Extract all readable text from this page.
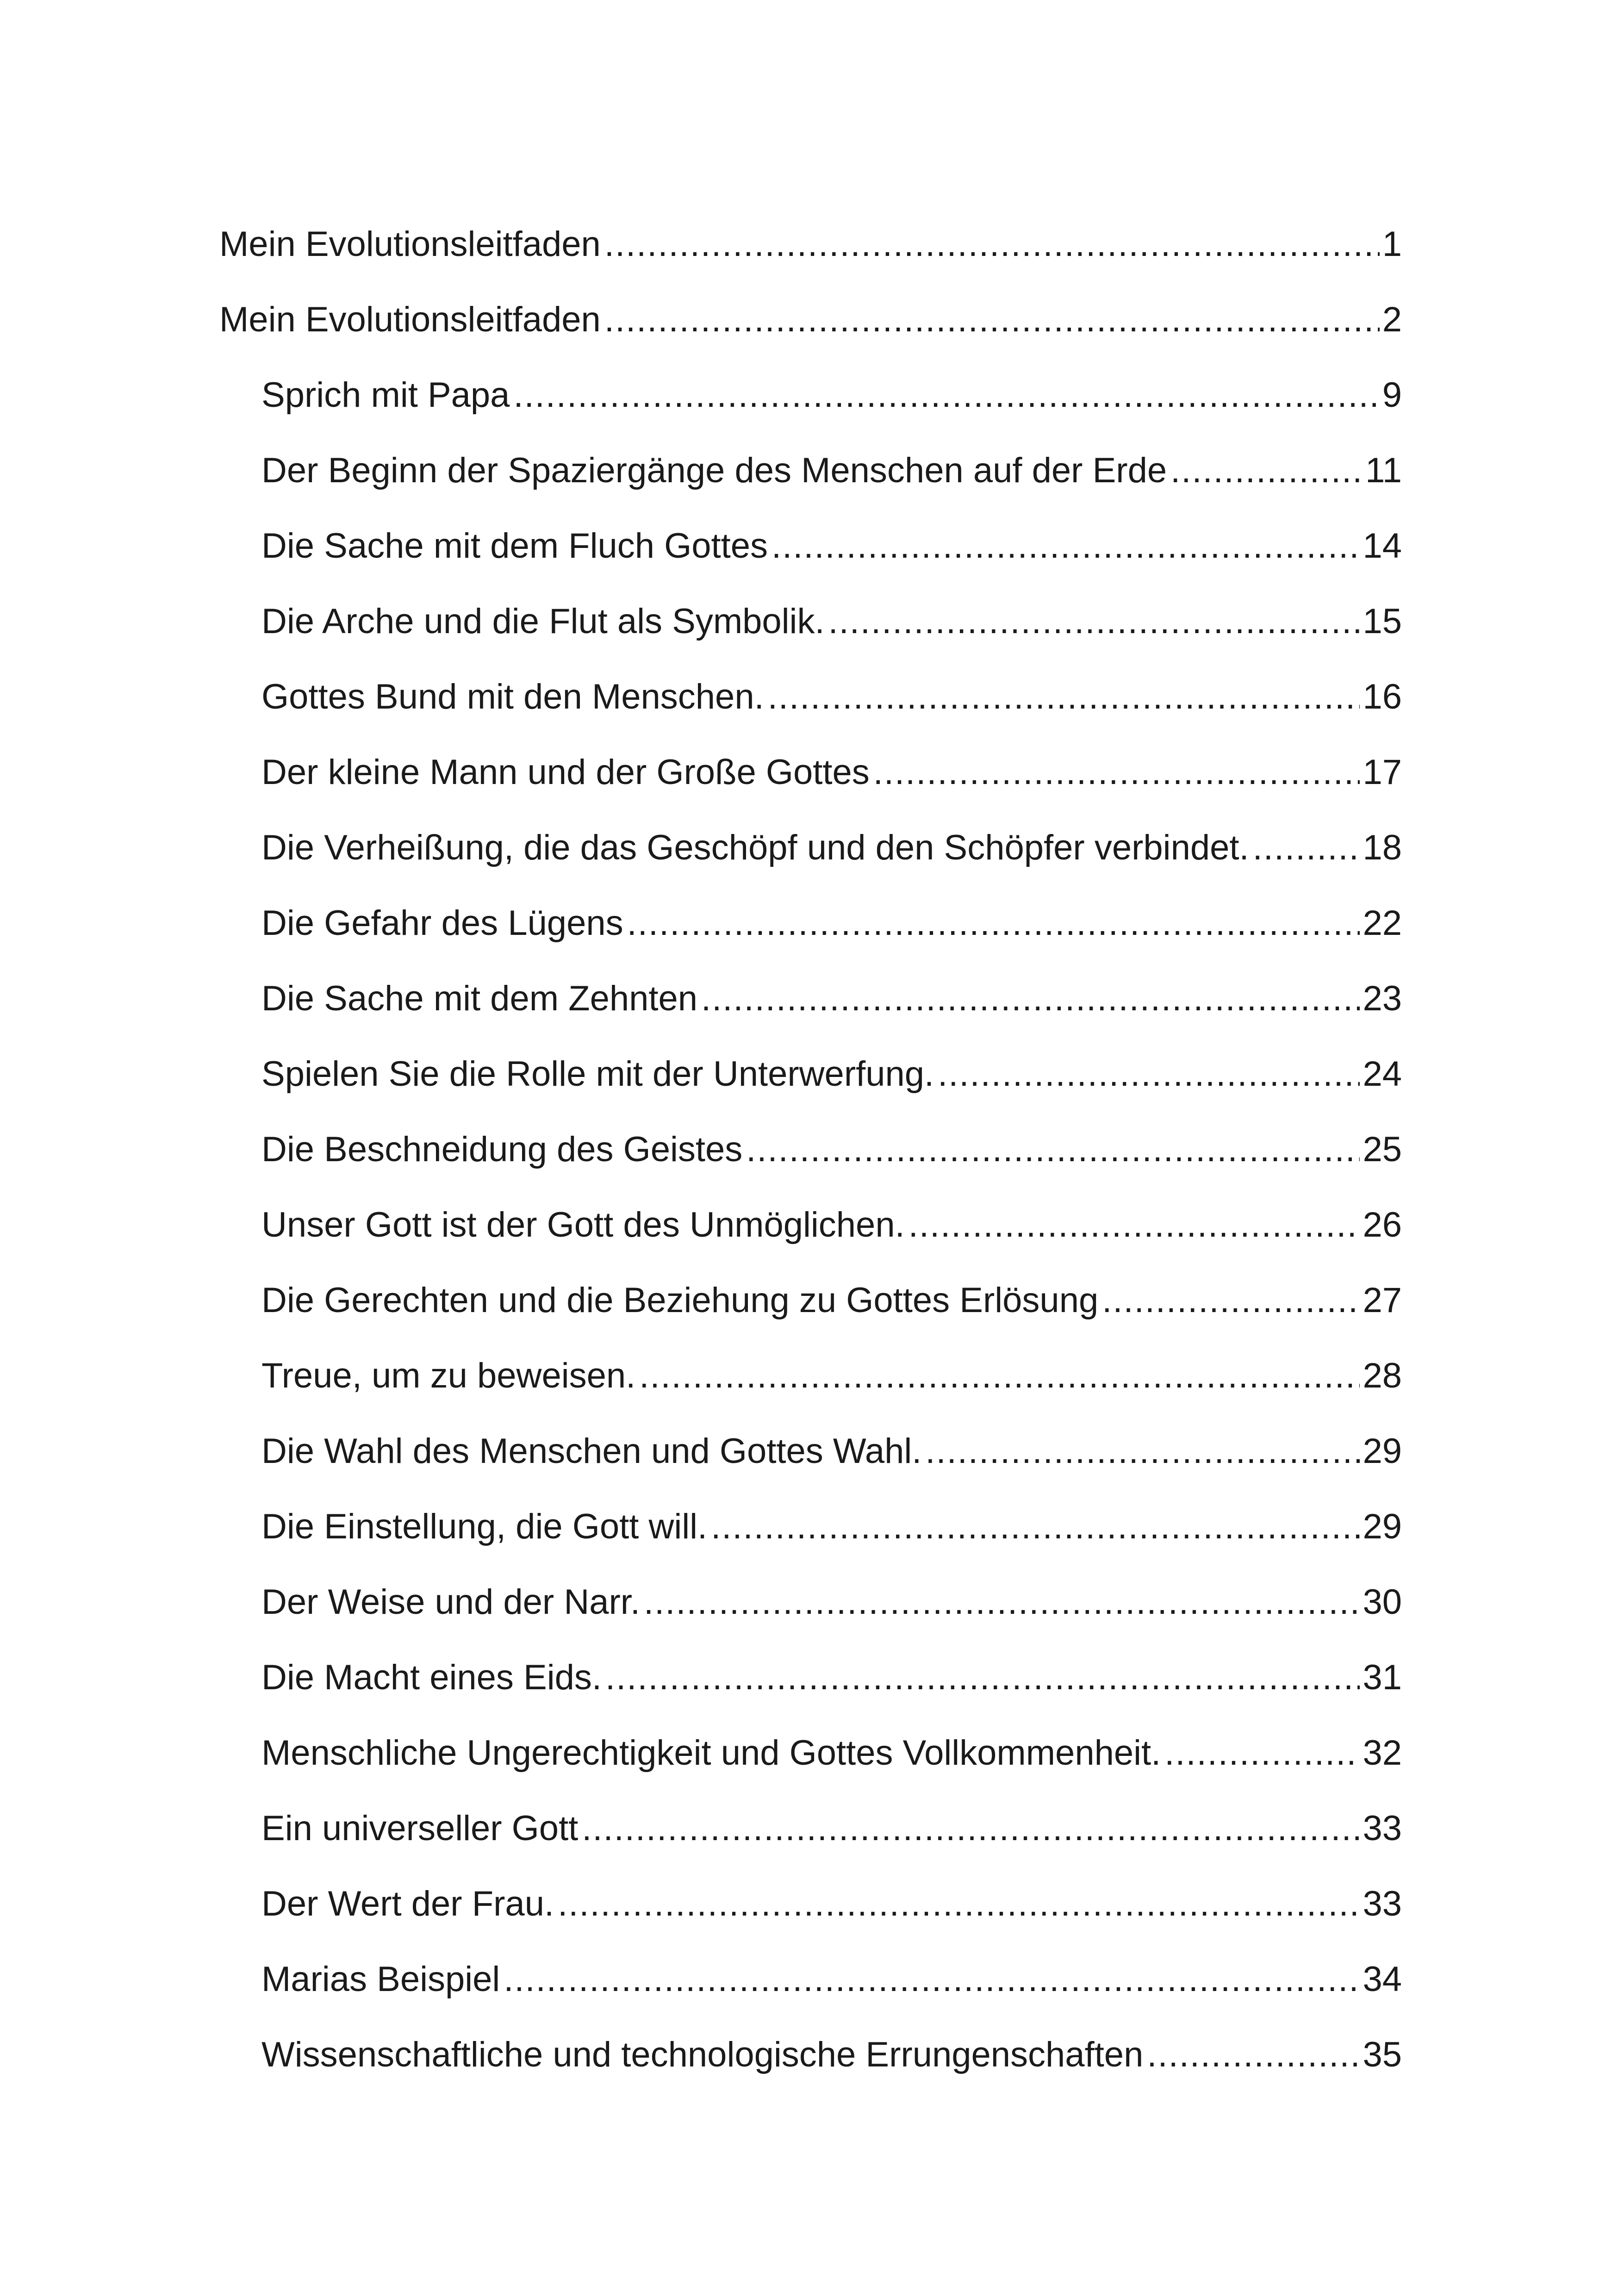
Mein Evolutionsleitfaden .....	1
Mein Evolutionsleitfaden .....	2
Sprich mit Papa .....	9
Der Beginn der Spaziergänge des Menschen auf der Erde .....	11
Die Sache mit dem Fluch Gottes .....	14
Die Arche und die Flut als Symbolik. .....	15
Gottes Bund mit den Menschen. .....	16
Der kleine Mann und der Große Gottes .....	17
Die Verheißung, die das Geschöpf und den Schöpfer verbindet. .....	18
Die Gefahr des Lügens .....	22
Die Sache mit dem Zehnten .....	23
Spielen Sie die Rolle mit der Unterwerfung. .....	24
Die Beschneidung des Geistes .....	25
Unser Gott ist der Gott des Unmöglichen. .....	26
Die Gerechten und die Beziehung zu Gottes Erlösung .....	27
Treue, um zu beweisen. .....	28
Die Wahl des Menschen und Gottes Wahl. .....	29
Die Einstellung, die Gott will. .....	29
Der Weise und der Narr. .....	30
Die Macht eines Eids. .....	31
Menschliche Ungerechtigkeit und Gottes Vollkommenheit. .....	32
Ein universeller Gott .....	33
Der Wert der Frau. .....	33
Marias Beispiel .....	34
Wissenschaftliche und technologische Errungenschaften .....	35
